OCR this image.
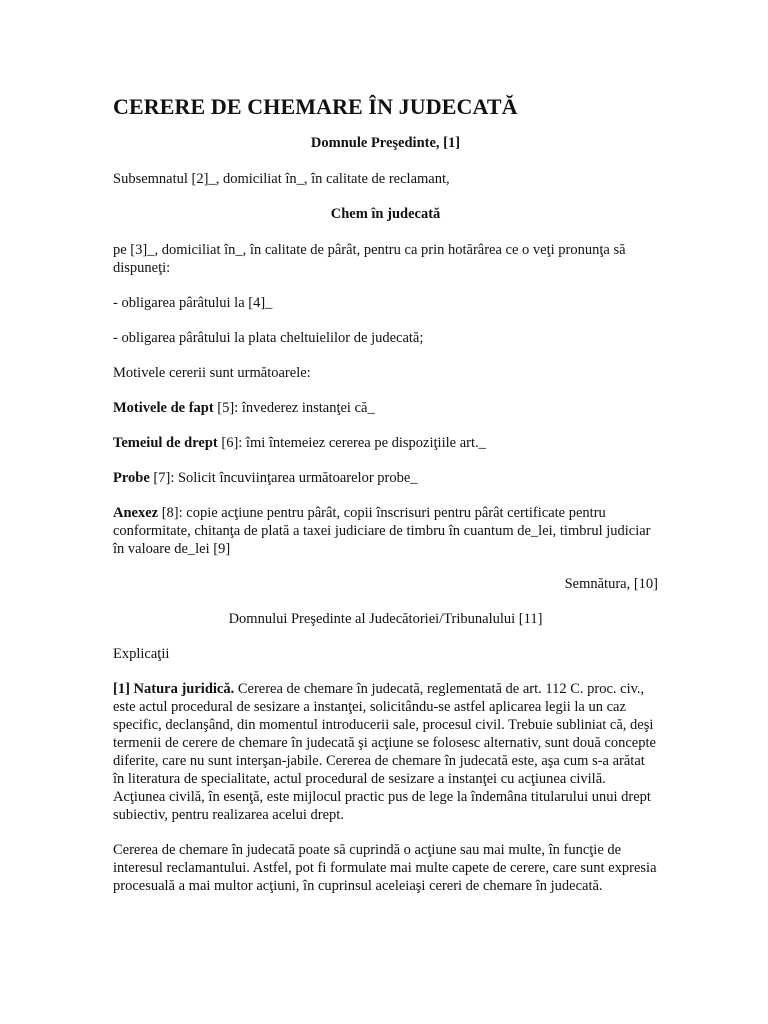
CERERE DE CHEMARE ÎN JUDECATĂ

Domnule Preşedinte, [1]

Subsemnatul [2]_, domiciliat în_, în calitate de reclamant,

Chem în judecată

pe [3]_, domiciliat în_, în calitate de pârât, pentru ca prin hotărârea ce o veţi pronunţa să dispuneţi:

- obligarea pârâtului la [4]_

- obligarea pârâtului la plata cheltuielilor de judecată;

Motivele cererii sunt următoarele:

Motivele de fapt [5]: învederez instanţei că_

Temeiul de drept [6]: îmi întemeiez cererea pe dispoziţiile art._

Probe [7]: Solicit încuviinţarea următoarelor probe_

Anexez [8]: copie acţiune pentru pârât, copii înscrisuri pentru pârât certificate pentru conformitate, chitanţa de plată a taxei judiciare de timbru în cuantum de_lei, timbrul judiciar în valoare de_lei [9]

Semnătura, [10]

Domnului Preşedinte al Judecătoriei/Tribunalului [11]

Explicaţii

[1] Natura juridică. Cererea de chemare în judecată, reglementată de art. 112 C. proc. civ., este actul procedural de sesizare a instanţei, solicitându-se astfel aplicarea legii la un caz specific, declanşând, din momentul introducerii sale, procesul civil. Trebuie subliniat că, deşi termenii de cerere de chemare în judecată şi acţiune se folosesc alternativ, sunt două concepte diferite, care nu sunt interşan-jabile. Cererea de chemare în judecată este, aşa cum s-a arătat în literatura de specialitate, actul procedural de sesizare a instanţei cu acţiunea civilă. Acţiunea civilă, în esenţă, este mijlocul practic pus de lege la îndemâna titularului unui drept subiectiv, pentru realizarea acelui drept.

Cererea de chemare în judecată poate să cuprindă o acţiune sau mai multe, în funcţie de interesul reclamantului. Astfel, pot fi formulate mai multe capete de cerere, care sunt expresia procesuală a mai multor acţiuni, în cuprinsul aceleiaşi cereri de chemare în judecată.
